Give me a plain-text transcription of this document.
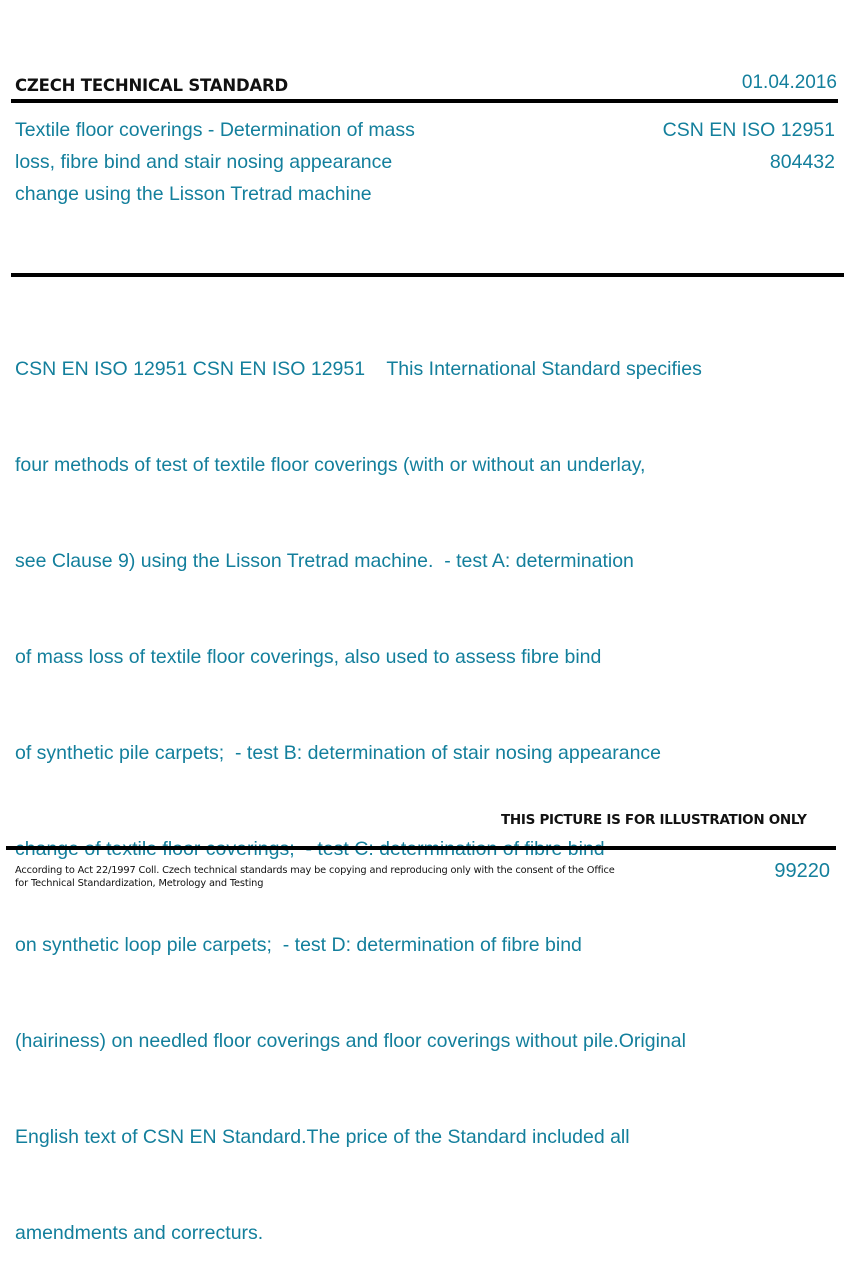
CZECH TECHNICAL STANDARD	01.04.2016
Textile floor coverings - Determination of mass
loss, fibre bind and stair nosing appearance
change using the Lisson Tretrad machine
CSN EN ISO 12951
804432

CSN EN ISO 12951 CSN EN ISO 12951    This International Standard specifies

four methods of test of textile floor coverings (with or without an underlay,

see Clause 9) using the Lisson Tretrad machine.  - test A: determination

of mass loss of textile floor coverings, also used to assess fibre bind

of synthetic pile carpets;  - test B: determination of stair nosing appearance

on synthetic loop pile carpets;  - test D: determination of fibre bind

(hairiness) on needled floor coverings and floor coverings without pile.Original

English text of CSN EN Standard.The price of the Standard included all

amendments and correcturs.

THIS PICTURE IS FOR ILLUSTRATION ONLY
According to Act 22/1997 Coll. Czech technical standards may be copying and reproducing only with the consent of the Office
for Technical Standardization, Metrology and Testing
99220
